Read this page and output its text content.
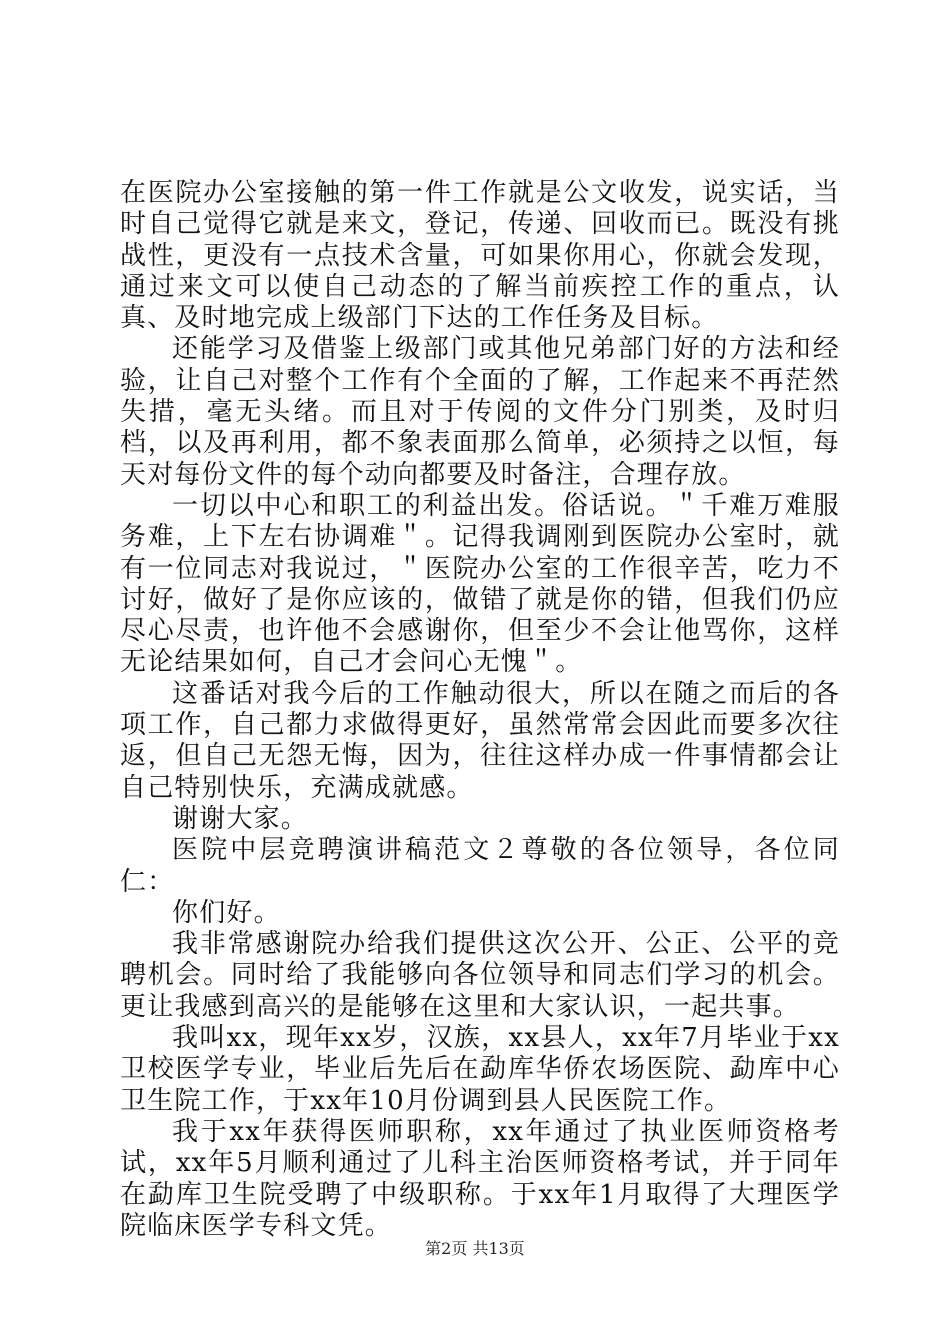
在医院办公室接触的第一件工作就是公文收发，说实话，当时自己觉得它就是来文，登记，传递、回收而已。既没有挑战性，更没有一点技术含量，可如果你用心，你就会发现，通过来文可以使自己动态的了解当前疾控工作的重点，认真、及时地完成上级部门下达的工作任务及目标。

还能学习及借鉴上级部门或其他兄弟部门好的方法和经验，让自己对整个工作有个全面的了解，工作起来不再茫然失措，毫无头绪。而且对于传阅的文件分门别类，及时归档，以及再利用，都不象表面那么简单，必须持之以恒，每天对每份文件的每个动向都要及时备注，合理存放。

一切以中心和职工的利益出发。俗话说。＂千难万难服务难，上下左右协调难＂。记得我调刚到医院办公室时，就有一位同志对我说过，＂医院办公室的工作很辛苦，吃力不讨好，做好了是你应该的，做错了就是你的错，但我们仍应尽心尽责，也许他不会感谢你，但至少不会让他骂你，这样无论结果如何，自己才会问心无愧＂。

这番话对我今后的工作触动很大，所以在随之而后的各项工作，自己都力求做得更好，虽然常常会因此而要多次往返，但自己无怨无悔，因为，往往这样办成一件事情都会让自己特别快乐，充满成就感。

谢谢大家。

医院中层竞聘演讲稿范文２尊敬的各位领导，各位同仁：

你们好。

我非常感谢院办给我们提供这次公开、公正、公平的竞聘机会。同时给了我能够向各位领导和同志们学习的机会。更让我感到高兴的是能够在这里和大家认识，一起共事。

我叫xx，现年xx岁，汉族，xx县人，xx年7月毕业于xx卫校医学专业，毕业后先后在勐库华侨农场医院、勐库中心卫生院工作，于xx年10月份调到县人民医院工作。

我于xx年获得医师职称，xx年通过了执业医师资格考试，xx年5月顺利通过了儿科主治医师资格考试，并于同年在勐库卫生院受聘了中级职称。于xx年1月取得了大理医学院临床医学专科文凭。

第2页 共13页
